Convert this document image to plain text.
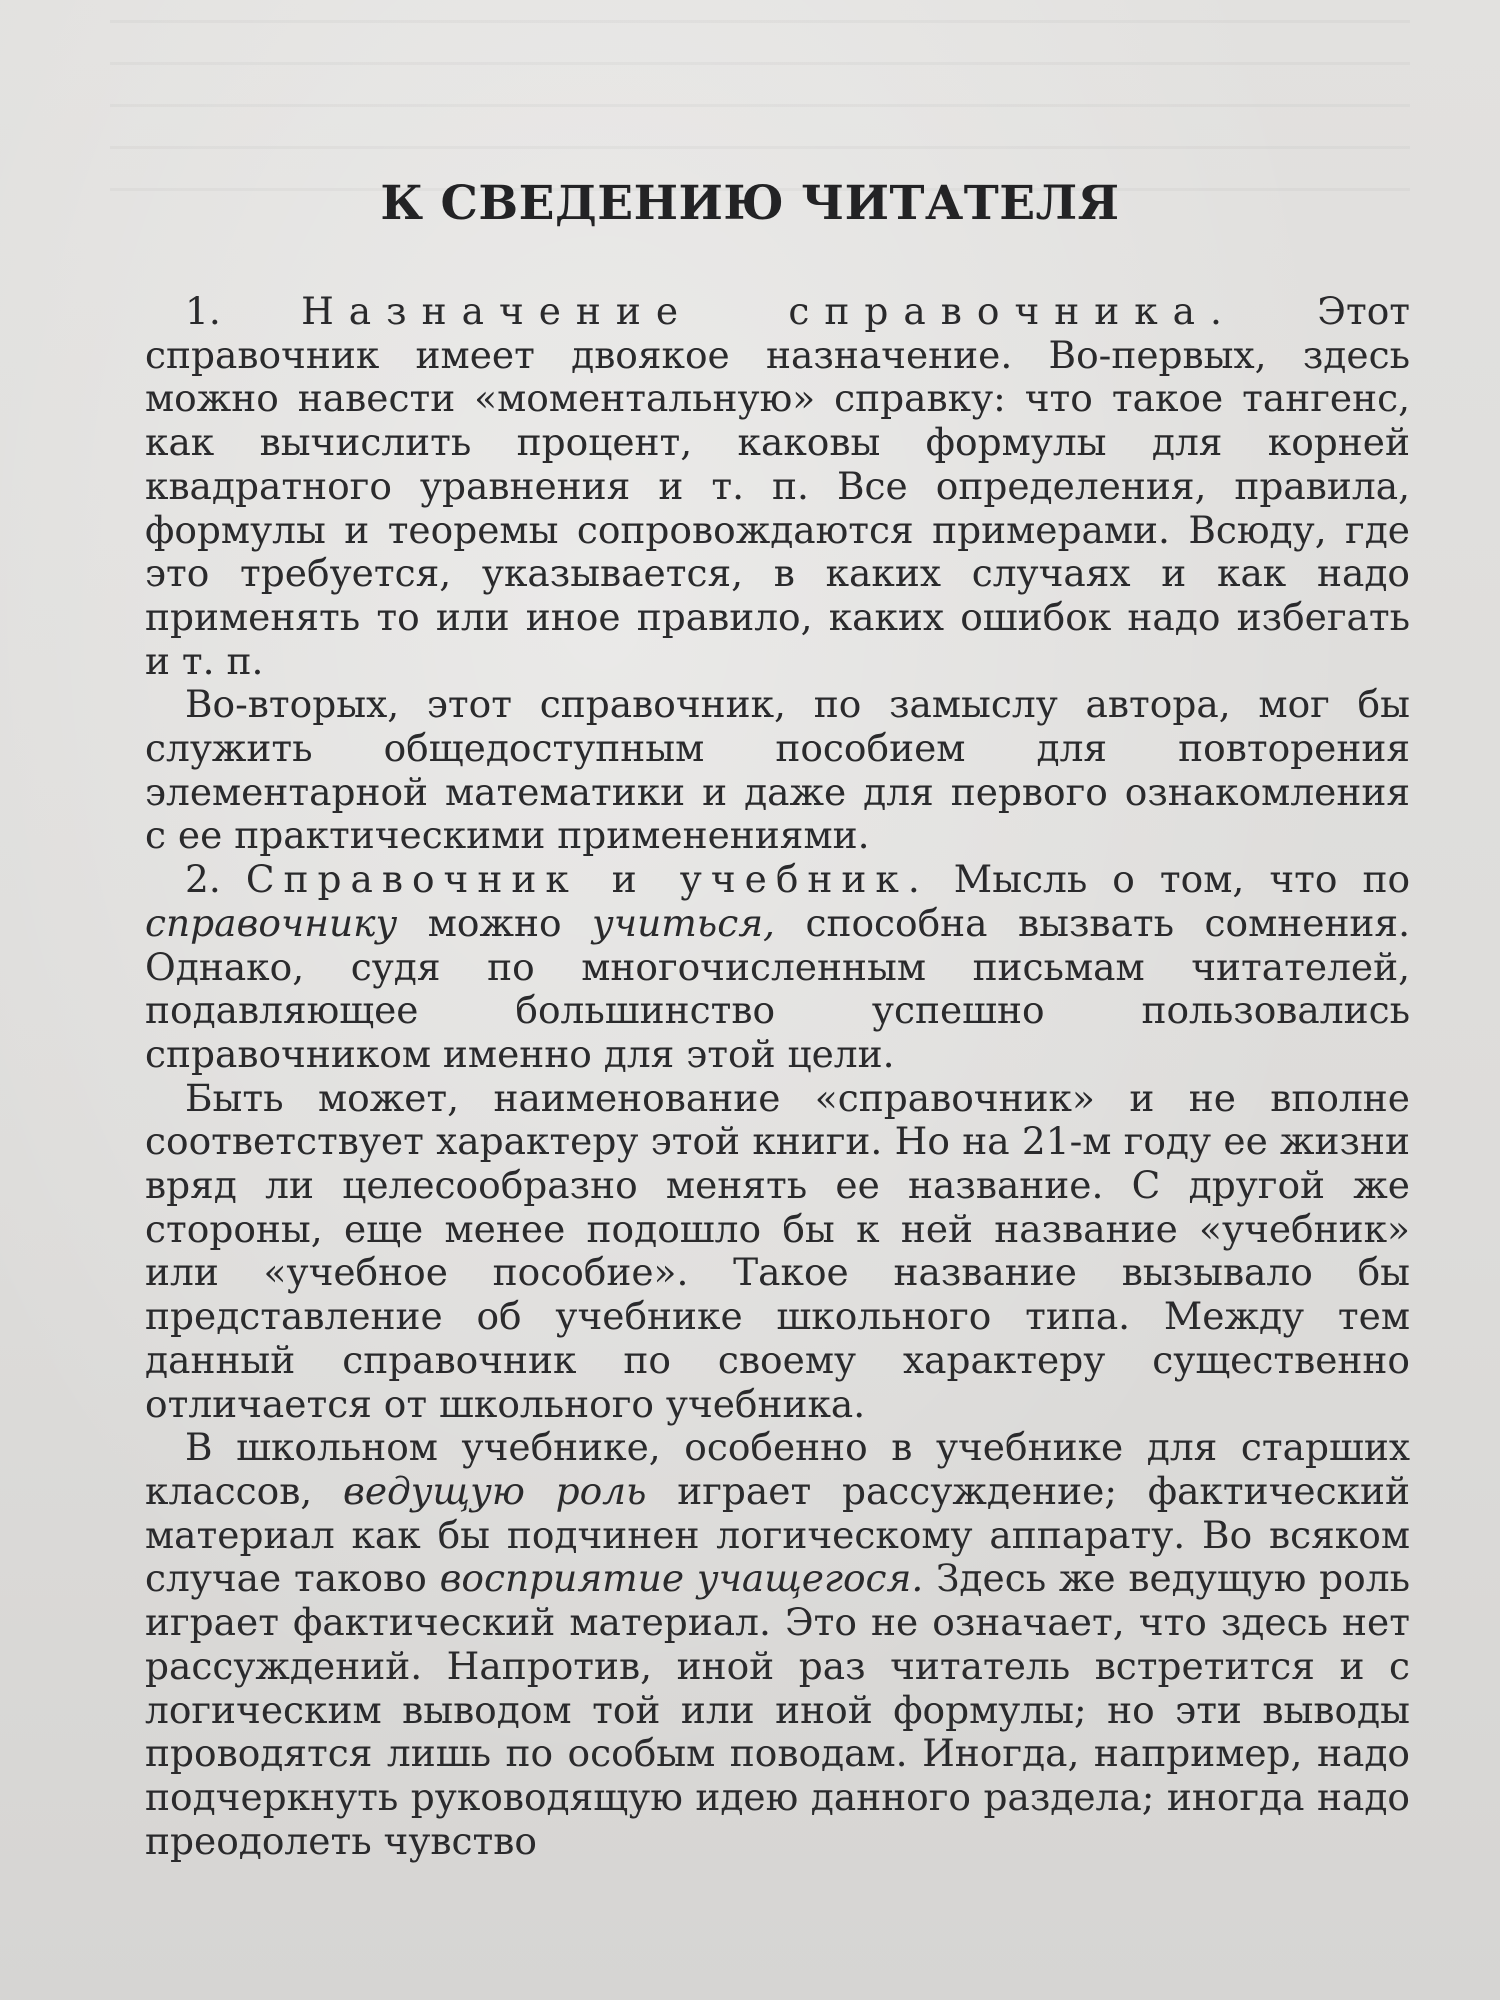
К СВЕДЕНИЮ ЧИТАТЕЛЯ

1. Назначение справочника. Этот справочник имеет двоякое назначение. Во-первых, здесь можно навести «моментальную» справку: что такое тангенс, как вычислить процент, каковы формулы для корней квадратного уравнения и т. п. Все определения, правила, формулы и теоремы сопровождаются примерами. Всюду, где это требуется, указывается, в каких случаях и как надо применять то или иное правило, каких ошибок надо избегать и т. п.

Во-вторых, этот справочник, по замыслу автора, мог бы служить общедоступным пособием для повторения элементарной математики и даже для первого ознакомления с ее практическими применениями.

2. Справочник и учебник. Мысль о том, что по справочнику можно учиться, способна вызвать сомнения. Однако, судя по многочисленным письмам читателей, подавляющее большинство успешно пользовались справочником именно для этой цели.

Быть может, наименование «справочник» и не вполне соответствует характеру этой книги. Но на 21-м году ее жизни вряд ли целесообразно менять ее название. С другой же стороны, еще менее подошло бы к ней название «учебник» или «учебное пособие». Такое название вызывало бы представление об учебнике школьного типа. Между тем данный справочник по своему характеру существенно отличается от школьного учебника.

В школьном учебнике, особенно в учебнике для старших классов, ведущую роль играет рассуждение; фактический материал как бы подчинен логическому аппарату. Во всяком случае таково восприятие учащегося. Здесь же ведущую роль играет фактический материал. Это не означает, что здесь нет рассуждений. Напротив, иной раз читатель встретится и с логическим выводом той или иной формулы; но эти выводы проводятся лишь по особым поводам. Иногда, например, надо подчеркнуть руководящую идею данного раздела; иногда надо преодолеть чувство
